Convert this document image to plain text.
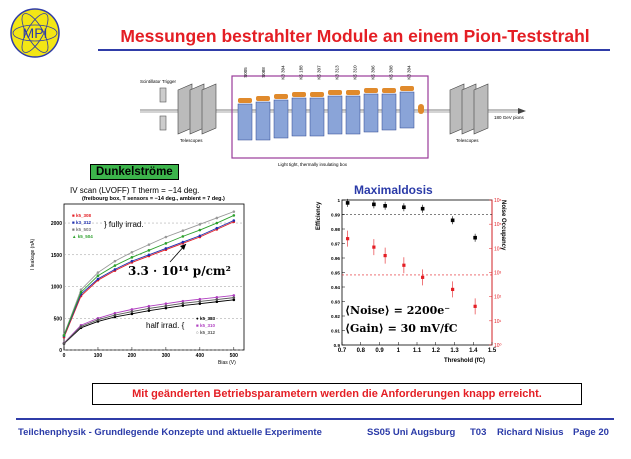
MPI	Messungen bestrahlter Module an einem Pion-Teststrahl
Scintillator Trigger
Telescopes	Telescopes
180 GeV pions
Light tight, thermally insulating box
S005	S088	K3 304	K5 188	K5 307	K3 313	K5 310	K5 306	K5 308	K3 304
Dunkelströme
IV scan (LVOFF) T therm = −14 deg.
(freibourg box, T sensors = −14 deg., ambient = 7 deg.)
0
500
1000
1500
2000
0	100	200	300	400	500
I leakage (nA)
Bias (V)
■ k5_308
■ k3_312
■ k5_503
▲ k5_504
} fully irrad.
3.3 · 10¹⁴ p/cm²
half irrad. {
● k5_383
■ k5_310
○ k5_312
Maximaldosis
0.9
0.91
0.92
0.93
0.94
0.95
0.96
0.97
0.98
0.99
1
10⁰
10¹
10²
10³
10⁴
10⁵
10⁶
0.7 0.8 0.9 1 1.1 1.2 1.3 1.4 1.5
Efficiency	Noise Occupancy
Threshold (fC)
⟨Noise⟩ = 2200e⁻
⟨Gain⟩ = 30 mV/fC
Mit geänderten Betriebsparametern werden die Anforderungen knapp erreicht.
Teilchenphysik - Grundlegende Konzepte und aktuelle Experimente	SS05 Uni Augsburg T03 Richard Nisius Page 20
